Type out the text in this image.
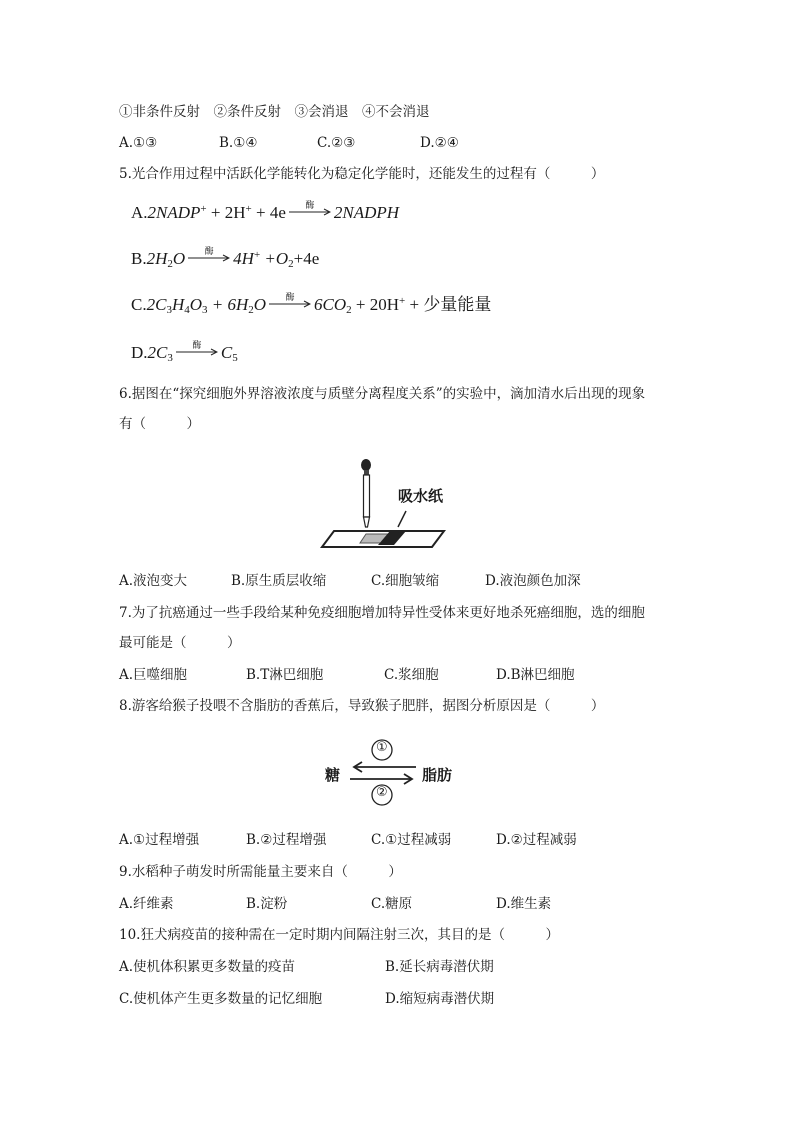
①非条件反射　②条件反射　③会消退　④不会消退
A.①③	B.①④	C.②③	D.②④
5.光合作用过程中活跃化学能转化为稳定化学能时，还能发生的过程有（　　　）
A.2NADP+ + 2H+ + 4e	酶	2NADPH
$B.2H_2O$	酶	$4H^+ +O_2+4e$
$C.2C_3H_4O_3 + 6H_2O$	酶	$6CO_2 + 20H^+$ + 少量能量
$D.2C_3$
酶	$C_5$
6.据图在“探究细胞外界溶液浓度与质壁分离程度关系”的实验中，滴加清水后出现的现象
有（　　　）
吸水纸
A.液泡变大	B.原生质层收缩	C.细胞皱缩	D.液泡颜色加深
7.为了抗癌通过一些手段给某种免疫细胞增加特异性受体来更好地杀死癌细胞，选的细胞
最可能是（　　　）
A.巨噬细胞	B.T淋巴细胞	C.浆细胞	D.B淋巴细胞
8.游客给猴子投喂不含脂肪的香蕉后，导致猴子肥胖，据图分析原因是（　　　）
①
②
糖	脂肪
A.①过程增强	B.②过程增强	C.①过程减弱	D.②过程减弱
9.水稻种子萌发时所需能量主要来自（　　　）
A.纤维素	B.淀粉	C.糖原	D.维生素
10.狂犬病疫苗的接种需在一定时期内间隔注射三次，其目的是（　　　）
A.使机体积累更多数量的疫苗	B.延长病毒潜伏期
C.使机体产生更多数量的记忆细胞	D.缩短病毒潜伏期
